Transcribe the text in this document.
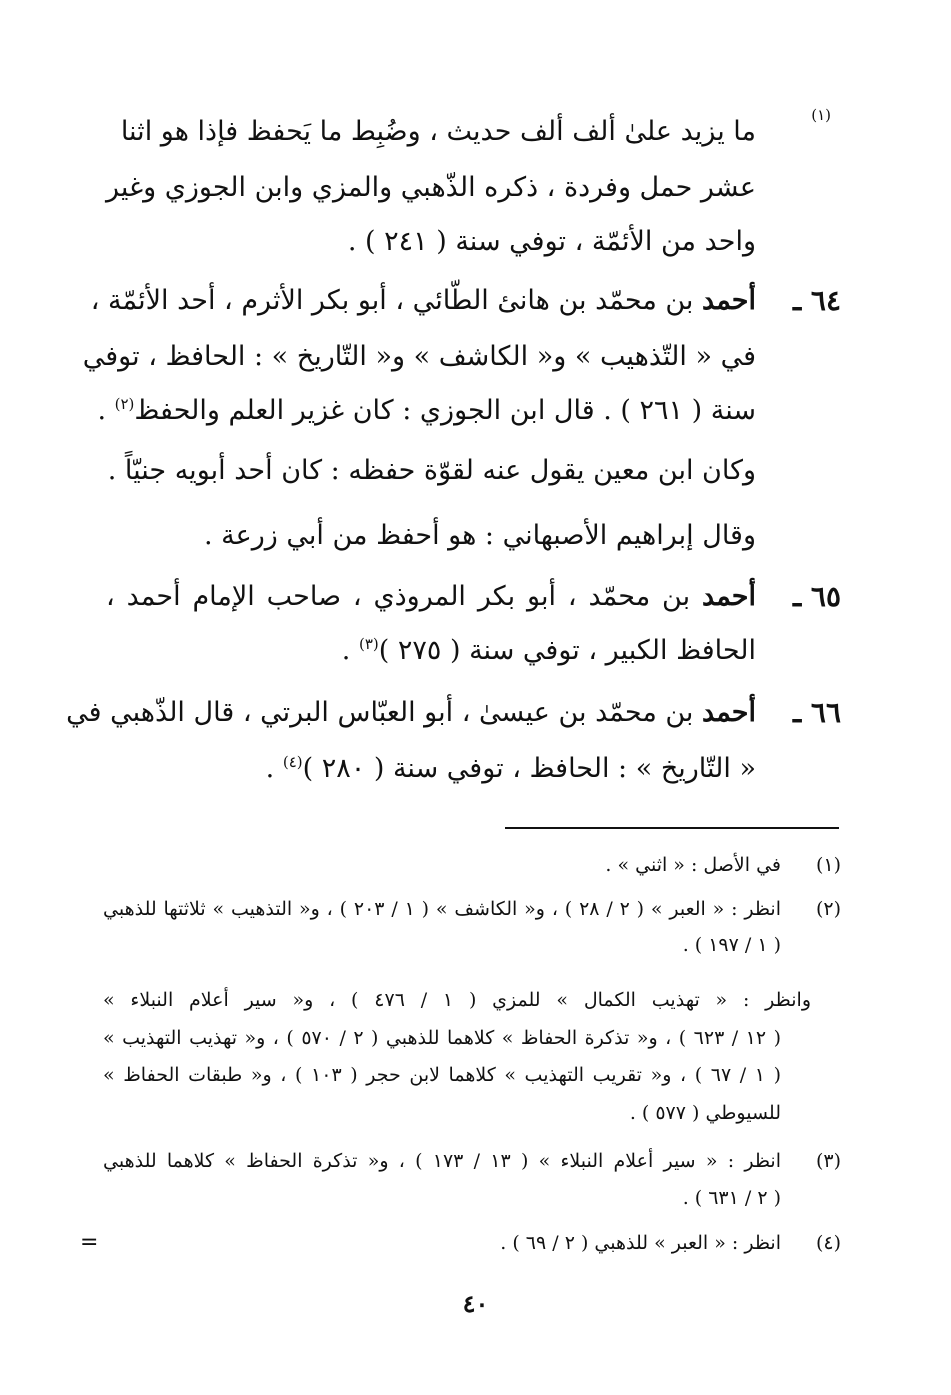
ما يزيد علىٰ ألف ألف حديث ، وضُبِط ما يَحفظ فإذا هو اثنا
(١)
عشر حمل وفردة ، ذكره الذّهبي والمزي وابن الجوزي وغير
واحد من الأئمّة ، توفي سنة ( ٢٤١ ) .
٦٤ ـ
أحمد بن محمّد بن هانئ الطّائي ، أبو بكر الأثرم ، أحد الأئمّة ،
في « التّذهيب » و« الكاشف » و« التّاريخ » : الحافظ ، توفي
سنة ( ٢٦١ ) . قال ابن الجوزي : كان غزير العلم والحفظ$^{(٢)}$ .
وكان ابن معين يقول عنه لقوّة حفظه : كان أحد أبويه جنيّاً .
وقال إبراهيم الأصبهاني : هو أحفظ من أبي زرعة .
٦٥ ـ
أحمد بن محمّد ، أبو بكر المروذي ، صاحب الإمام أحمد ،
الحافظ الكبير ، توفي سنة ( ٢٧٥ )$^{(٣)}$ .
٦٦ ـ
أحمد بن محمّد بن عيسىٰ ، أبو العبّاس البرتي ، قال الذّهبي في
« التّاريخ » : الحافظ ، توفي سنة ( ٢٨٠ )$^{(٤)}$ .
(١)
في الأصل : « اثني » .
(٢)
انظر : « العبر » ( ٢ / ٢٨ ) ، و« الكاشف » ( ١ / ٢٠٣ ) ، و« التذهيب » ثلاثتها للذهبي
( ١ / ١٩٧ ) .
وانظر : « تهذيب الكمال » للمزي ( ١ / ٤٧٦ ) ، و« سير أعلام النبلاء »
( ١٢ / ٦٢٣ ) ، و« تذكرة الحفاظ » كلاهما للذهبي ( ٢ / ٥٧٠ ) ، و« تهذيب التهذيب »
( ١ / ٦٧ ) ، و« تقريب التهذيب » كلاهما لابن حجر ( ١٠٣ ) ، و« طبقات الحفاظ »
للسيوطي ( ٥٧٧ ) .
(٣)
انظر : « سير أعلام النبلاء » ( ١٣ / ١٧٣ ) ، و« تذكرة الحفاظ » كلاهما للذهبي
( ٢ / ٦٣١ ) .
(٤)
انظر : « العبر » للذهبي ( ٢ / ٦٩ ) .
=
٤٠
